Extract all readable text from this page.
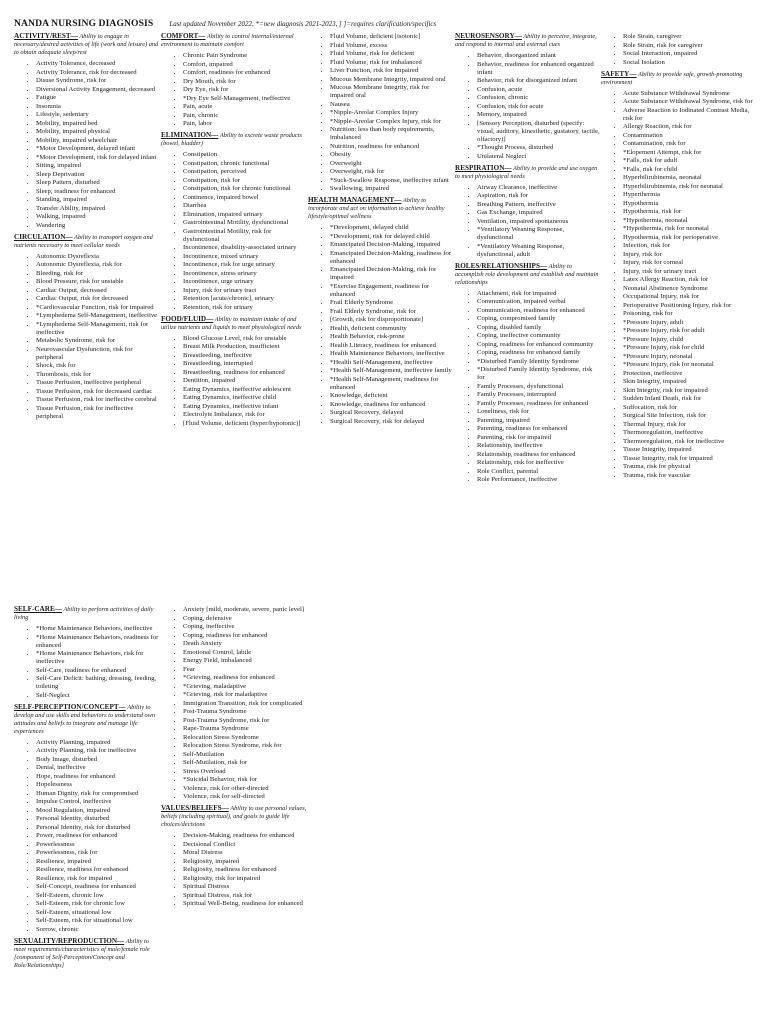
NANDA NURSING DIAGNOSIS Last updated November 2022, *=new diagnosis 2021-2023, [ ]=requires clarification/specifics
ACTIVITY/REST— Ability to engage in necessary/desired activities of life (work and leisure) and to obtain adequate sleep/rest
• Activity Tolerance, decreased
• Activity Tolerance, risk for decreased
• Disuse Syndrome, risk for
• Diversional Activity Engagement, decreased
• Fatigue
• Insomnia
• Lifestyle, sedentary
• Mobility, impaired bed
• Mobility, impaired physical
• Mobility, impaired wheelchair
• *Motor Development, delayed infant
• *Motor Development, risk for delayed infant
• Sitting, impaired
• Sleep Deprivation
• Sleep Pattern, disturbed
• Sleep, readiness for enhanced
• Standing, impaired
• Transfer Ability, impaired
• Walking, impaired
• Wandering
CIRCULATION— Ability to transport oxygen and nutrients necessary to meet cellular needs
• Autonomic Dysreflexia
• Autonomic Dysreflexia, risk for
• Bleeding, risk for
• Blood Pressure, risk for unstable
• Cardiac Output, decreased
• Cardiac Output, risk for decreased
• *Cardiovascular Function, risk for impaired
• *Lymphedema Self-Management, ineffective
• *Lymphedema Self-Management, risk for ineffective
• Metabolic Syndrome, risk for
• Neurovascular Dysfunction, risk for peripheral
• Shock, risk for
• Thrombosis, risk for
• Tissue Perfusion, ineffective peripheral
• Tissue Perfusion, risk for decreased cardiac
• Tissue Perfusion, risk for ineffective cerebral
• Tissue Perfusion, risk for ineffective peripheral
COMFORT— Ability to control internal/external environment to maintain comfort
• Chronic Pain Syndrome
• Comfort, impaired
• Comfort, readiness for enhanced
• Dry Mouth, risk for
• Dry Eye, risk for
• *Dry Eye Self-Management, ineffective
• Pain, acute
• Pain, chronic
• Pain, labor
ELIMINATION— Ability to excrete waste products (bowel, bladder)
• Constipation
• Constipation, chronic functional
• Constipation, perceived
• Constipation, risk for
• Constipation, risk for chronic functional
• Continence, impaired bowel
• Diarrhea
• Elimination, impaired urinary
• Gastrointestinal Motility, dysfunctional
• Gastrointestinal Motility, risk for dysfunctional
• Incontinence, disability-associated urinary
• Incontinence, mixed urinary
• Incontinence, risk for urge urinary
• Incontinence, stress urinary
• Incontinence, urge urinary
• Injury, risk for urinary tract
• Retention [acute/chronic], urinary
• Retention, risk for urinary
FOOD/FLUID— Ability to maintain intake of and utilize nutrients and liquids to meet physiological needs
• Blood Glucose Level, risk for unstable
• Breast Milk Production, insufficient
• Breastfeeding, ineffective
• Breastfeeding, interrupted
• Breastfeeding, readiness for enhanced
• Dentition, impaired
• Eating Dynamics, ineffective adolescent
• Eating Dynamics, ineffective child
• Eating Dynamics, ineffective infant
• Electrolyte Imbalance, risk for
• [Fluid Volume, deficient (hyper/hypotonic)]
• Fluid Volume, deficient [isotonic]
• Fluid Volume, excess
• Fluid Volume, risk for deficient
• Fluid Volume, risk for imbalanced
• Liver Function, risk for impaired
• Mucous Membrane Integrity, impaired oral
• Mucous Membrane Integrity, risk for impaired oral
• Nausea
• *Nipple-Areolar Complex Injury
• *Nipple-Areolar Complex Injury, risk for
• Nutrition: less than body requirements, imbalanced
• Nutrition, readiness for enhanced
• Obesity
• Overweight
• Overweight, risk for
• *Suck-Swallow Response, ineffective infant
• Swallowing, impaired
HEALTH MANAGEMENT— Ability to incorporate and act on information to achieve healthy lifestyle/optimal wellness
• *Development, delayed child
• *Development, risk for delayed child
• Emancipated Decision-Making, impaired
• Emancipated Decision-Making, readiness for enhanced
• Emancipated Decision-Making, risk for impaired
• *Exercise Engagement, readiness for enhanced
• Frail Elderly Syndrome
• Frail Elderly Syndrome, risk for
• [Growth, risk for disproportionate]
• Health, deficient community
• Health Behavior, risk-prone
• Health Literacy, readiness for enhanced
• Health Maintenance Behaviors, ineffective
• *Health Self-Management, ineffective
• *Health Self-Management, ineffective family
• *Health Self-Management, readiness for enhanced
• Knowledge, deficient
• Knowledge, readiness for enhanced
• Surgical Recovery, delayed
• Surgical Recovery, risk for delayed
NEUROSENSORY— Ability to perceive, integrate, and respond to internal and external cues
• Behavior, disorganized infant
• Behavior, readiness for enhanced organized infant
• Behavior, risk for disorganized infant
• Confusion, acute
• Confusion, chronic
• Confusion, risk for acute
• Memory, impaired
• [Sensory Perception, disturbed (specify: visual, auditory, kinesthetic, gustatory, tactile, olfactory)]
• *Thought Process, disturbed
• Unilateral Neglect
RESPIRATION— Ability to provide and use oxygen to meet physiological needs
• Airway Clearance, ineffective
• Aspiration, risk for
• Breathing Pattern, ineffective
• Gas Exchange, impaired
• Ventilation, impaired spontaneous
• *Ventilatory Weaning Response, dysfunctional
• *Ventilatory Weaning Response, dysfunctional, adult
ROLES/RELATIONSHIPS— Ability to accomplish role development and establish and maintain relationships
• Attachment, risk for impaired
• Communication, impaired verbal
• Communication, readiness for enhanced
• Coping, compromised family
• Coping, disabled family
• Coping, ineffective community
• Coping, readiness for enhanced community
• Coping, readiness for enhanced family
• *Disturbed Family Identity Syndrome
• *Disturbed Family Identity Syndrome, risk for
• Family Processes, dysfunctional
• Family Processes, interrupted
• Family Processes, readiness for enhanced
• Loneliness, risk for
• Parenting, impaired
• Parenting, readiness for enhanced
• Parenting, risk for impaired
• Relationship, ineffective
• Relationship, readiness for enhanced
• Relationship, risk for ineffective
• Role Conflict, parental
• Role Performance, ineffective
• Role Strain, caregiver
• Role Strain, risk for caregiver
• Social Interaction, impaired
• Social Isolation
SAFETY— Ability to provide safe, growth-promoting environment
• Acute Substance Withdrawal Syndrome
• Acute Substance Withdrawal Syndrome, risk for
• Adverse Reaction to Iodinated Contrast Media, risk for
• Allergy Reaction, risk for
• Contamination
• Contamination, risk for
• *Elopement Attempt, risk for
• *Falls, risk for adult
• *Falls, risk for child
• Hyperbilirubinemia, neonatal
• Hyperbilirubinemia, risk for neonatal
• Hyperthermia
• Hypothermia
• Hypothermia, risk for
• *Hypothermia, neonatal
• *Hypothermia, risk for neonatal
• Hypothermia, risk for perioperative
• Infection, risk for
• Injury, risk for
• Injury, risk for corneal
• Injury, risk for urinary tract
• Latex Allergy Reaction, risk for
• Neonatal Abstinence Syndrome
• Occupational Injury, risk for
• Perioperative Positioning Injury, risk for
• Poisoning, risk for
• *Pressure Injury, adult
• *Pressure Injury, risk for adult
• *Pressure Injury, child
• *Pressure Injury, risk for child
• *Pressure Injury, neonatal
• *Pressure Injury, risk for neonatal
• Protection, ineffective
• Skin Integrity, impaired
• Skin Integrity, risk for impaired
• Sudden Infant Death, risk for
• Suffocation, risk for
• Surgical Site Infection, risk for
• Thermal Injury, risk for
• Thermoregulation, ineffective
• Thermoregulation, risk for ineffective
• Tissue Integrity, impaired
• Tissue Integrity, risk for impaired
• Trauma, risk for physical
• Trauma, risk for vascular
SELF-CARE— Ability to perform activities of daily living
• *Home Maintenance Behaviors, ineffective
• *Home Maintenance Behaviors, readiness for enhanced
• *Home Maintenance Behaviors, risk for ineffective
• Self-Care, readiness for enhanced
• Self-Care Deficit: bathing, dressing, feeding, toileting
• Self-Neglect
SELF-PERCEPTION/CONCEPT— Ability to develop and use skills and behaviors to understand own attitudes and beliefs to integrate and manage life experiences
• Activity Planning, impaired
• Activity Planning, risk for ineffective
• Body Image, disturbed
• Denial, ineffective
• Hope, readiness for enhanced
• Hopelessness
• Human Dignity, risk for compromised
• Impulse Control, ineffective
• Mood Regulation, impaired
• Personal Identity, disturbed
• Personal Identity, risk for disturbed
• Power, readiness for enhanced
• Powerlessness
• Powerlessness, risk for
• Resilience, impaired
• Resilience, readiness for enhanced
• Resilience, risk for impaired
• Self-Concept, readiness for enhanced
• Self-Esteem, chronic low
• Self-Esteem, risk for chronic low
• Self-Esteem, situational low
• Self-Esteem, risk for situational low
• Sorrow, chronic
SEXUALITY/REPRODUCTION— Ability to meet requirements/characteristics of male/female role [component of Self-Perception/Concept and Role/Relationships]
• Anxiety [mild, moderate, severe, panic level]
• Coping, defensive
• Coping, ineffective
• Coping, readiness for enhanced
• Death Anxiety
• Emotional Control, labile
• Energy Field, imbalanced
• Fear
• *Grieving, readiness for enhanced
• *Grieving, maladaptive
• *Grieving, risk for maladaptive
• Immigration Transition, risk for complicated
• Post-Trauma Syndrome
• Post-Trauma Syndrome, risk for
• Rape-Trauma Syndrome
• Relocation Stress Syndrome
• Relocation Stress Syndrome, risk for
• Self-Mutilation
• Self-Mutilation, risk for
• Stress Overload
• *Suicidal Behavior, risk for
• Violence, risk for other-directed
• Violence, risk for self-directed
VALUES/BELIEFS— Ability to use personal values, beliefs (including spiritual), and goals to guide life choices/decisions
• Decision-Making, readiness for enhanced
• Decisional Conflict
• Moral Distress
• Religiosity, impaired
• Religiosity, readiness for enhanced
• Religiosity, risk for impaired
• Spiritual Distress
• Spiritual Distress, risk for
• Spiritual Well-Being, readiness for enhanced
